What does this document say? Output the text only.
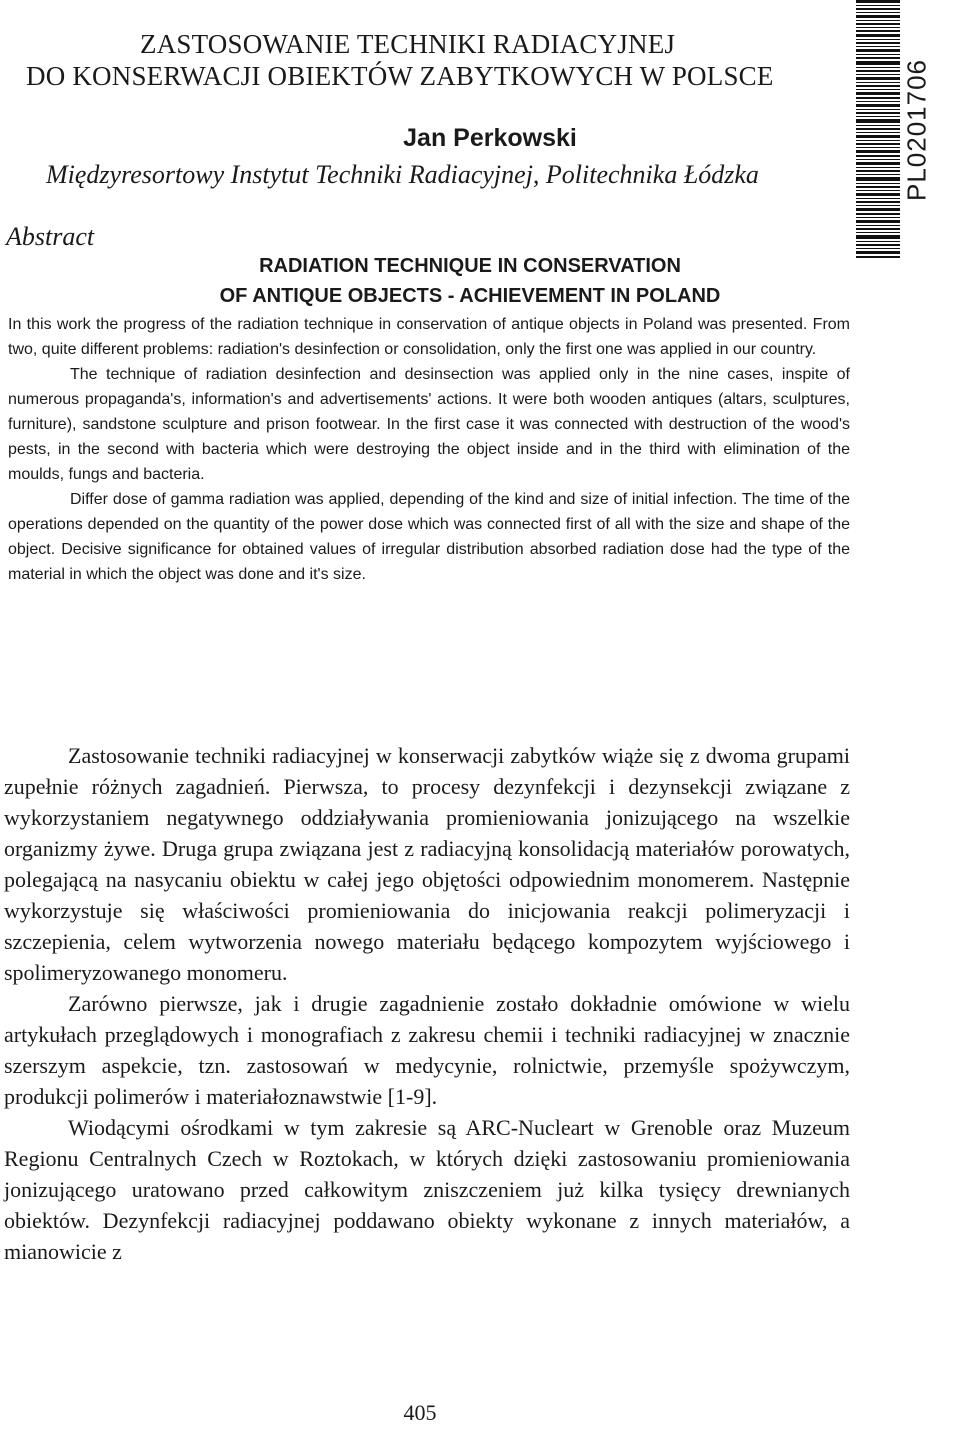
ZASTOSOWANIE TECHNIKI RADIACYJNEJ
DO KONSERWACJI OBIEKTÓW ZABYTKOWYCH W POLSCE
Jan Perkowski
Międzyresortowy Instytut Techniki Radiacyjnej, Politechnika Łódzka	PL0201706
Abstract
RADIATION TECHNIQUE IN CONSERVATION
OF ANTIQUE OBJECTS - ACHIEVEMENT IN POLAND

In this work the progress of the radiation technique in conservation of antique objects in Poland was presented. From two, quite different problems: radiation's desinfection or consolidation, only the first one was applied in our country.

The technique of radiation desinfection and desinsection was applied only in the nine cases, inspite of numerous propaganda's, information's and advertisements' actions. It were both wooden antiques (altars, sculptures, furniture), sandstone sculpture and prison footwear. In the first case it was connected with destruction of the wood's pests, in the second with bacteria which were destroying the object inside and in the third with elimination of the moulds, fungs and bacteria.

Differ dose of gamma radiation was applied, depending of the kind and size of initial infection. The time of the operations depended on the quantity of the power dose which was connected first of all with the size and shape of the object. Decisive significance for obtained values of irregular distribution absorbed radiation dose had the type of the material in which the object was done and it's size.

Zastosowanie techniki radiacyjnej w konserwacji zabytków wiąże się z dwoma grupami zupełnie różnych zagadnień. Pierwsza, to procesy dezynfekcji i dezynsekcji związane z wykorzystaniem negatywnego oddziaływania promieniowania jonizującego na wszelkie organizmy żywe. Druga grupa związana jest z radiacyjną konsolidacją materiałów porowatych, polegającą na nasycaniu obiektu w całej jego objętości odpowiednim monomerem. Następnie wykorzystuje się właściwości promieniowania do inicjowania reakcji polimeryzacji i szczepienia, celem wytworzenia nowego materiału będącego kompozytem wyjściowego i spolimeryzowanego monomeru.

Zarówno pierwsze, jak i drugie zagadnienie zostało dokładnie omówione w wielu artykułach przeglądowych i monografiach z zakresu chemii i techniki radiacyjnej w znacznie szerszym aspekcie, tzn. zastosowań w medycynie, rolnictwie, przemyśle spożywczym, produkcji polimerów i materiałoznawstwie [1-9].

Wiodącymi ośrodkami w tym zakresie są ARC-Nucleart w Grenoble oraz Muzeum Regionu Centralnych Czech w Roztokach, w których dzięki zastosowaniu promieniowania jonizującego uratowano przed całkowitym zniszczeniem już kilka tysięcy drewnianych obiektów. Dezynfekcji radiacyjnej poddawano obiekty wykonane z innych materiałów, a mianowicie z

405
